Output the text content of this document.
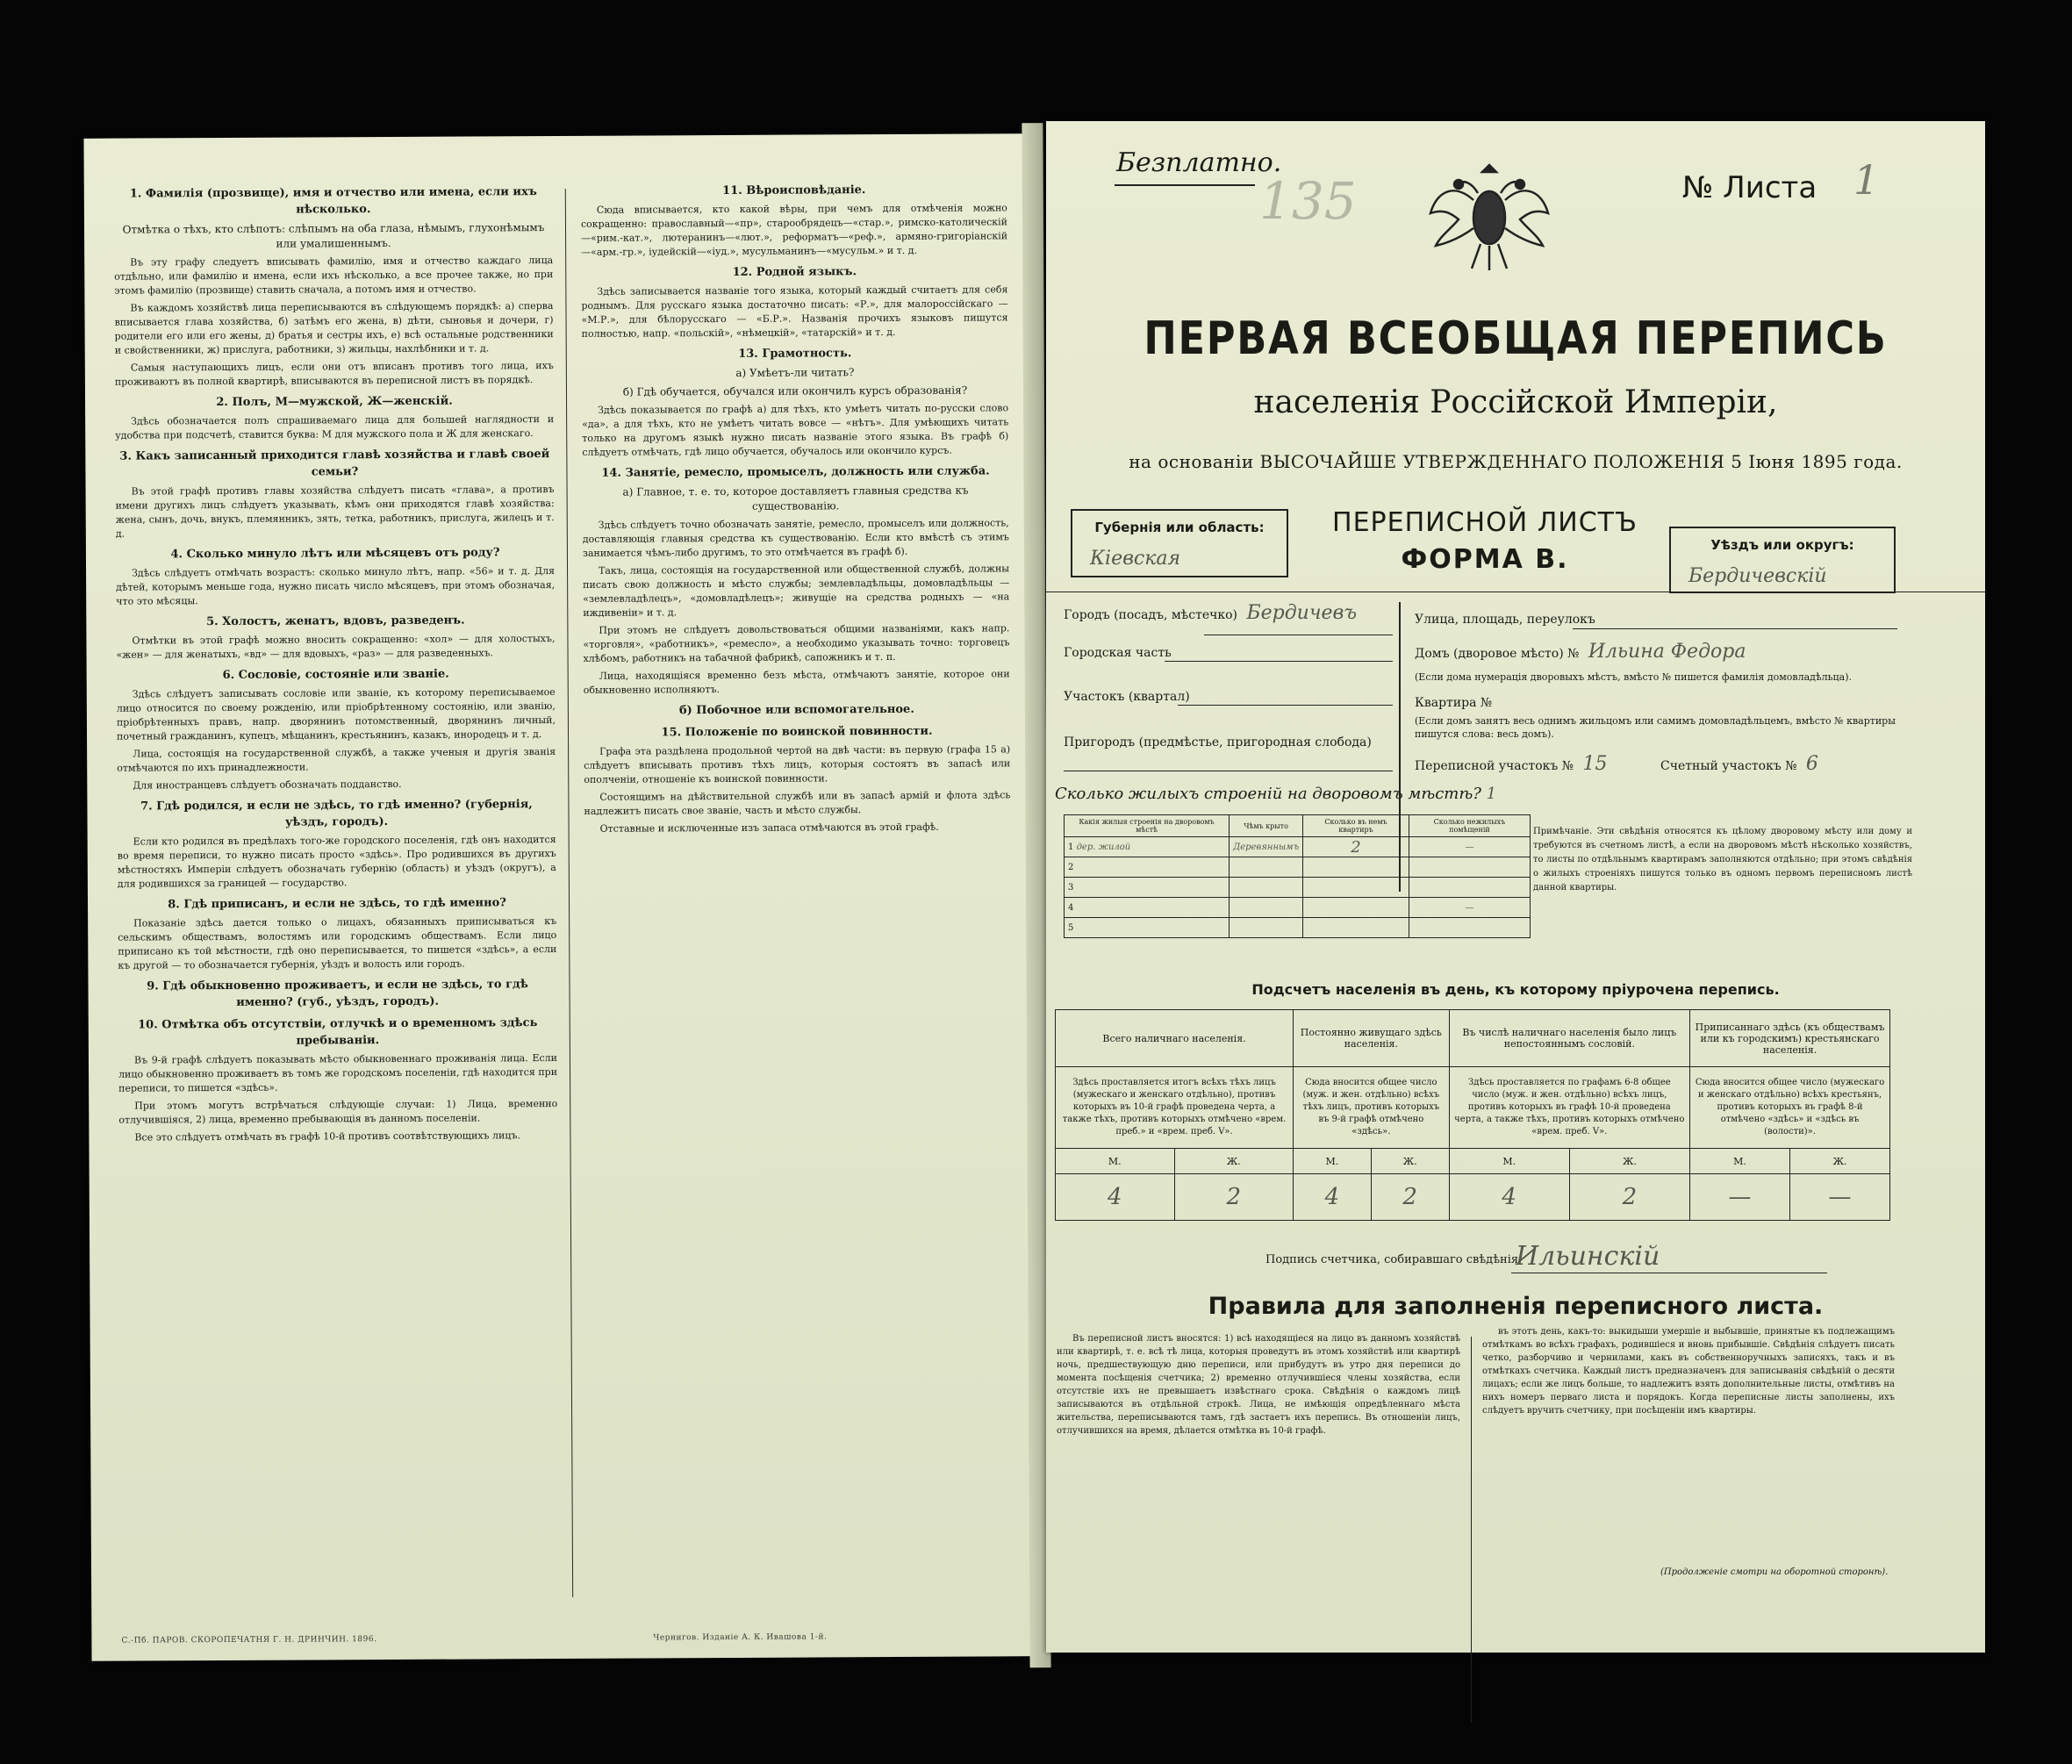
1. Фамилія (прозвище), имя и отчество или имена, если ихъ нѣсколько.
Отмѣтка о тѣхъ, кто слѣпотъ: слѣпымъ на оба глаза, нѣмымъ, глухонѣмымъ или умалишеннымъ.

Въ эту графу следуетъ вписывать фамилію, имя и отчество каждаго лица отдѣльно, или фамилію и имена, если ихъ нѣсколько, а все прочее также, но при этомъ фамилію (прозвище) ставить сначала, а потомъ имя и отчество.

Въ каждомъ хозяйствѣ лица переписываются въ слѣдующемъ порядкѣ: а) сперва вписывается глава хозяйства, б) затѣмъ его жена, в) дѣти, сыновья и дочери, г) родители его или его жены, д) братья и сестры ихъ, е) всѣ остальные родственники и свойственники, ж) прислуга, работники, з) жильцы, нахлѣбники и т. д.

Самыя наступающихъ лицъ, если они отъ вписанъ противъ того лица, ихъ проживаютъ въ полной квартирѣ, вписываются въ переписной листъ въ порядкѣ.

2. Полъ, М—мужской, Ж—женскій.

Здѣсь обозначается полъ спрашиваемаго лица для большей наглядности и удобства при подсчетѣ, ставится буква: М для мужского пола и Ж для женскаго.

3. Какъ записанный приходится главѣ хозяйства и главѣ своей семьи?

Въ этой графѣ противъ главы хозяйства слѣдуетъ писать «глава», а противъ имени другихъ лицъ слѣдуетъ указывать, кѣмъ они приходятся главѣ хозяйства: жена, сынъ, дочь, внукъ, племянникъ, зять, тетка, работникъ, прислуга, жилецъ и т. д.

4. Сколько минуло лѣтъ или мѣсяцевъ отъ роду?

Здѣсь слѣдуетъ отмѣчать возрастъ: сколько минуло лѣтъ, напр. «56» и т. д. Для дѣтей, которымъ меньше года, нужно писать число мѣсяцевъ, при этомъ обозначая, что это мѣсяцы.

5. Холостъ, женатъ, вдовъ, разведенъ.

Отмѣтки въ этой графѣ можно вносить сокращенно: «хол» — для холостыхъ, «жен» — для женатыхъ, «вд» — для вдовыхъ, «раз» — для разведенныхъ.

6. Сословіе, состояніе или званіе.

Здѣсь слѣдуетъ записывать сословіе или званіе, къ которому переписываемое лицо относится по своему рожденію, или пріобрѣтенному состоянію, или званію, пріобрѣтенныхъ правъ, напр. дворянинъ потомственный, дворянинъ личный, почетный гражданинъ, купецъ, мѣщанинъ, крестьянинъ, казакъ, инородецъ и т. д.

Лица, состоящія на государственной службѣ, а также ученыя и другія званія отмѣчаются по ихъ принадлежности.

Для иностранцевъ слѣдуетъ обозначать подданство.

7. Гдѣ родился, и если не здѣсь, то гдѣ именно? (губернія, уѣздъ, городъ).

Если кто родился въ предѣлахъ того-же городского поселенія, гдѣ онъ находится во время переписи, то нужно писать просто «здѣсь». Про родившихся въ другихъ мѣстностяхъ Имперіи слѣдуетъ обозначать губернію (область) и уѣздъ (округъ), а для родившихся за границей — государство.

8. Гдѣ приписанъ, и если не здѣсь, то гдѣ именно?

Показаніе здѣсь дается только о лицахъ, обязанныхъ приписываться къ сельскимъ обществамъ, волостямъ или городскимъ обществамъ. Если лицо приписано къ той мѣстности, гдѣ оно переписывается, то пишется «здѣсь», а если къ другой — то обозначается губернія, уѣздъ и волость или городъ.

9. Гдѣ обыкновенно проживаетъ, и если не здѣсь, то гдѣ именно? (губ., уѣздъ, городъ).
10. Отмѣтка объ отсутствіи, отлучкѣ и о временномъ здѣсь пребываніи.

Въ 9-й графѣ слѣдуетъ показывать мѣсто обыкновеннаго проживанія лица. Если лицо обыкновенно проживаетъ въ томъ же городскомъ поселеніи, гдѣ находится при переписи, то пишется «здѣсь».

При этомъ могутъ встрѣчаться слѣдующіе случаи: 1) Лица, временно отлучившіяся, 2) лица, временно пребывающія въ данномъ поселеніи.

Все это слѣдуетъ отмѣчать въ графѣ 10-й противъ соотвѣтствующихъ лицъ.

11. Вѣроисповѣданіе.

Сюда вписывается, кто какой вѣры, при чемъ для отмѣченія можно сокращенно: православный—«пр», старообрядецъ—«стар.», римско-католическій—«рим.-кат.», лютеранинъ—«лют.», реформатъ—«реф.», армяно-григоріанскій—«арм.-гр.», іудейскій—«іуд.», мусульманинъ—«мусульм.» и т. д.

12. Родной языкъ.

Здѣсь записывается названіе того языка, который каждый считаетъ для себя роднымъ. Для русскаго языка достаточно писать: «Р.», для малороссійскаго — «М.Р.», для бѣлорусскаго — «Б.Р.». Названія прочихъ языковъ пишутся полностью, напр. «польскій», «нѣмецкій», «татарскій» и т. д.

13. Грамотность.
а) Умѣетъ-ли читать?
б) Гдѣ обучается, обучался или окончилъ курсъ образованія?

Здѣсь показывается по графѣ а) для тѣхъ, кто умѣетъ читать по-русски слово «да», а для тѣхъ, кто не умѣетъ читать вовсе — «нѣтъ». Для умѣющихъ читать только на другомъ языкѣ нужно писать названіе этого языка. Въ графѣ б) слѣдуетъ отмѣчать, гдѣ лицо обучается, обучалось или окончило курсъ.

14. Занятіе, ремесло, промыселъ, должность или служба.
а) Главное, т. е. то, которое доставляетъ главныя средства къ существованію.

Здѣсь слѣдуетъ точно обозначать занятіе, ремесло, промыселъ или должность, доставляющія главныя средства къ существованію. Если кто вмѣстѣ съ этимъ занимается чѣмъ-либо другимъ, то это отмѣчается въ графѣ б).

Такъ, лица, состоящія на государственной или общественной службѣ, должны писать свою должность и мѣсто службы; землевладѣльцы, домовладѣльцы — «землевладѣлецъ», «домовладѣлецъ»; живущіе на средства родныхъ — «на иждивеніи» и т. д.

При этомъ не слѣдуетъ довольствоваться общими названіями, какъ напр. «торговля», «работникъ», «ремесло», а необходимо указывать точно: торговецъ хлѣбомъ, работникъ на табачной фабрикѣ, сапожникъ и т. п.

Лица, находящіяся временно безъ мѣста, отмѣчаютъ занятіе, которое они обыкновенно исполняютъ.

б) Побочное или вспомогательное.
15. Положеніе по воинской повинности.

Графа эта раздѣлена продольной чертой на двѣ части: въ первую (графа 15 а) слѣдуетъ вписывать противъ тѣхъ лицъ, которыя состоятъ въ запасѣ или ополченіи, отношеніе къ воинской повинности.

Состоящимъ на дѣйствительной службѣ или въ запасѣ армій и флота здѣсь надлежитъ писать свое званіе, часть и мѣсто службы.

Отставные и исключенные изъ запаса отмѣчаются въ этой графѣ.

С.-Пб. ПАРОВ. СКОРОПЕЧАТНЯ Г. Н. ДРИНЧИН. 1896.	Чернигов. Изданіе А. К. Ивашова 1-й.
Безплатно.
№ Листа 1
ПЕРВАЯ ВСЕОБЩАЯ ПЕРЕПИСЬ
населенія Россійской Имперіи,
на основаніи ВЫСОЧАЙШЕ УТВЕРЖДЕННАГО ПОЛОЖЕНІЯ 5 Іюня 1895 года.
Губернія или область:
Кіевская
ПЕРЕПИСНОЙ ЛИСТЪ
ФОРМА В.	Уѣздъ или округъ:
Бердичевскій
Городъ (посадъ, мѣстечко) Бердичевъ
Городская часть
Участокъ (квартал)
Пригородъ (предмѣстье, пригородная слобода)
Улица, площадь, переулокъ
Домъ (дворовое мѣсто) № Ильина Федора
(Если дома нумерація дворовыхъ мѣстъ, вмѣсто № пишется фамилія домовладѣльца).
Квартира №
(Если домъ занятъ весь однимъ жильцомъ или самимъ домовладѣльцемъ, вмѣсто № квартиры пишутся слова: весь домъ).
Переписной участокъ № 15	Счетный участокъ № 6
Сколько жилыхъ строеній на дворовомъ мѣстѣ? 1
Какія жилыя строенія на дворовомъ мѣстѣ	Чѣмъ крыто	Сколько въ немъ квартиръ	Сколько нежилыхъ помѣщеній
1 дер. жилой	Деревяннымъ	2	—
2			
3			
4			—
5			
Примѣчаніе. Эти свѣдѣнія относятся къ цѣлому дворовому мѣсту или дому и требуются въ счетномъ листѣ, а если на дворовомъ мѣстѣ нѣсколько хозяйствъ, то листы по отдѣльнымъ квартирамъ заполняются отдѣльно; при этомъ свѣдѣнія о жилыхъ строеніяхъ пишутся только въ одномъ первомъ переписномъ листѣ данной квартиры.
Подсчетъ населенія въ день, къ которому пріурочена перепись.
Всего наличнаго населенія.		Постоянно живущаго здѣсь населенія.		Въ числѣ наличнаго населенія было лицъ непостояннымъ сословій.		Приписаннаго здѣсь (къ обществамъ или къ городскимъ) крестьянскаго населенія.	
Здѣсь проставляется итогъ всѣхъ тѣхъ лицъ (мужескаго и женскаго отдѣльно), противъ которыхъ въ 10-й графѣ проведена черта, а также тѣхъ, противъ которыхъ отмѣчено «врем. преб.» и «врем. преб. V».		Сюда вносится общее число (муж. и жен. отдѣльно) всѣхъ тѣхъ лицъ, противъ которыхъ въ 9-й графѣ отмѣчено «здѣсь».		Здѣсь проставляется по графамъ 6-8 общее число (муж. и жен. отдѣльно) всѣхъ лицъ, противъ которыхъ въ графѣ 10-й проведена черта, а также тѣхъ, противъ которыхъ отмѣчено «врем. преб. V».		Сюда вносится общее число (мужескаго и женскаго отдѣльно) всѣхъ крестьянъ, противъ которыхъ въ графѣ 8-й отмѣчено «здѣсь» и «здѣсь въ (волости)».	
М.	Ж.	М.	Ж.	М.	Ж.	М.	Ж.
4	2	4	2	4	2	—	—
Подпись счетчика, собиравшаго свѣдѣнія
Ильинскій
Правила для заполненія переписного листа.

Въ переписной листъ вносятся: 1) всѣ находящіеся на лицо въ данномъ хозяйствѣ или квартирѣ, т. е. всѣ тѣ лица, которыя проведутъ въ этомъ хозяйствѣ или квартирѣ ночь, предшествующую дню переписи, или прибудутъ въ утро дня переписи до момента посѣщенія счетчика; 2) временно отлучившіеся члены хозяйства, если отсутствіе ихъ не превышаетъ извѣстнаго срока. Свѣдѣнія о каждомъ лицѣ записываются въ отдѣльной строкѣ. Лица, не имѣющія опредѣленнаго мѣста жительства, переписываются тамъ, гдѣ застаетъ ихъ перепись. Въ отношеніи лицъ, отлучившихся на время, дѣлается отмѣтка въ 10-й графѣ.

въ этотъ день, какъ-то: выкидыши умершіе и выбывшіе, принятые къ подлежащимъ отмѣткамъ во всѣхъ графахъ, родившіеся и вновь прибывшіе. Свѣдѣнія слѣдуетъ писать четко, разборчиво и чернилами, какъ въ собственноручныхъ записяхъ, такъ и въ отмѣткахъ счетчика. Каждый листъ предназначенъ для записыванія свѣдѣній о десяти лицахъ; если же лицъ больше, то надлежитъ взять дополнительные листы, отмѣтивъ на нихъ номеръ перваго листа и порядокъ. Когда переписные листы заполнены, ихъ слѣдуетъ вручить счетчику, при посѣщеніи имъ квартиры.

(Продолженіе смотри на оборотной сторонѣ).
135
